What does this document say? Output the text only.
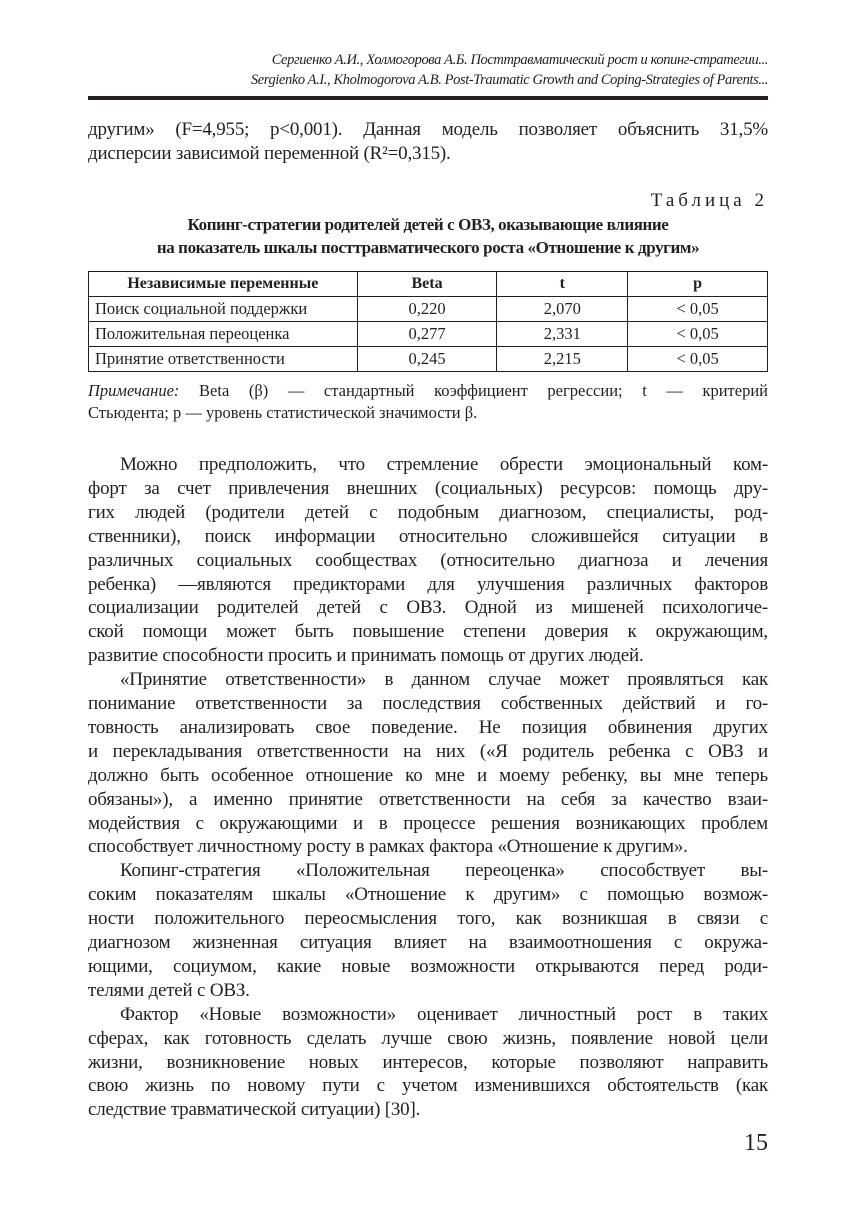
Сергиенко А.И., Холмогорова А.Б. Посттравматический рост и копинг-стратегии...
Sergienko A.I., Kholmogorova A.B. Post-Traumatic Growth and Coping-Strategies of Parents...
другим» (F=4,955; p<0,001). Данная модель позволяет объяснить 31,5%
дисперсии зависимой переменной (R²=0,315).
Таблица 2
Копинг-стратегии родителей детей с ОВЗ, оказывающие влияние
на показатель шкалы посттравматического роста «Отношение к другим»
Независимые переменные	Beta	t	p
Поиск социальной поддержки	0,220	2,070	< 0,05
Положительная переоценка	0,277	2,331	< 0,05
Принятие ответственности	0,245	2,215	< 0,05
Примечание: Beta (β) — стандартный коэффициент регрессии; t — критерий
Стьюдента; p — уровень статистической значимости β.
Можно предположить, что стремление обрести эмоциональный ком-
форт за счет привлечения внешних (социальных) ресурсов: помощь дру-
гих людей (родители детей с подобным диагнозом, специалисты, род-
ственники), поиск информации относительно сложившейся ситуации в
различных социальных сообществах (относительно диагноза и лечения
ребенка) —являются предикторами для улучшения различных факторов
социализации родителей детей с ОВЗ. Одной из мишеней психологиче-
ской помощи может быть повышение степени доверия к окружающим,
развитие способности просить и принимать помощь от других людей.
«Принятие ответственности» в данном случае может проявляться как
понимание ответственности за последствия собственных действий и го-
товность анализировать свое поведение. Не позиция обвинения других
и перекладывания ответственности на них («Я родитель ребенка с ОВЗ и
должно быть особенное отношение ко мне и моему ребенку, вы мне теперь
обязаны»), а именно принятие ответственности на себя за качество взаи-
модействия с окружающими и в процессе решения возникающих проблем
способствует личностному росту в рамках фактора «Отношение к другим».
Копинг-стратегия «Положительная переоценка» способствует вы-
соким показателям шкалы «Отношение к другим» с помощью возмож-
ности положительного переосмысления того, как возникшая в связи с
диагнозом жизненная ситуация влияет на взаимоотношения с окружа-
ющими, социумом, какие новые возможности открываются перед роди-
телями детей с ОВЗ.
Фактор «Новые возможности» оценивает личностный рост в таких
сферах, как готовность сделать лучше свою жизнь, появление новой цели
жизни, возникновение новых интересов, которые позволяют направить
свою жизнь по новому пути с учетом изменившихся обстоятельств (как
следствие травматической ситуации) [30].
15
